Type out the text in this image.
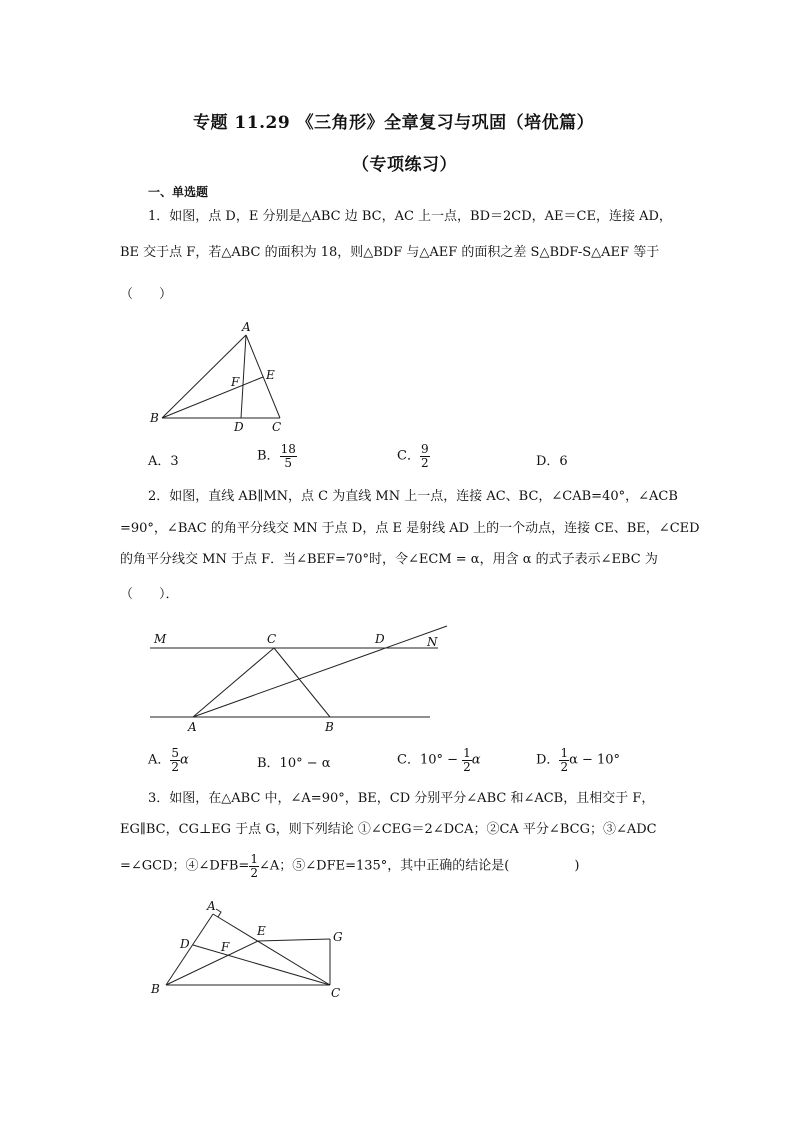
专题 11.29 《三角形》全章复习与巩固（培优篇）
（专项练习）
一、单选题
1．如图，点 D，E 分别是△ABC 边 BC，AC 上一点，BD＝2CD，AE＝CE，连接 AD，
BE 交于点 F，若△ABC 的面积为 18，则△BDF 与△AEF 的面积之差 S△BDF-S△AEF 等于
（　　）
A
B
C
D
E
F
A．3	B． $\frac{18}{5}$	C． $\frac{9}{2}$	D．6
2．如图，直线 AB∥MN，点 C 为直线 MN 上一点，连接 AC、BC，∠CAB=40°，∠ACB
=90°，∠BAC 的角平分线交 MN 于点 D，点 E 是射线 AD 上的一个动点，连接 CE、BE，∠CED
的角平分线交 MN 于点 F．当∠BEF=70°时，令∠ECM = α，用含 α 的式子表示∠EBC 为
（　　）．
M	C	D	N
A	B
A． $\frac{5}{2}$ α	B．10° − α	C．$10^\circ - \frac{1}{2}$ α	D． $\frac{1}{2}$ α − 10°
3．如图，在△ABC 中，∠A=90°，BE，CD 分别平分∠ABC 和∠ACB，且相交于 F，
EG∥BC，CG⊥EG 于点 G，则下列结论 ①∠CEG＝2∠DCA；②CA 平分∠BCG；③∠ADC
=∠GCD；④∠DFB= $\frac{1}{2}$ ∠A；⑤∠DFE=135°，其中正确的结论是(　　　　　)
A
D
E	G
F
B	C
